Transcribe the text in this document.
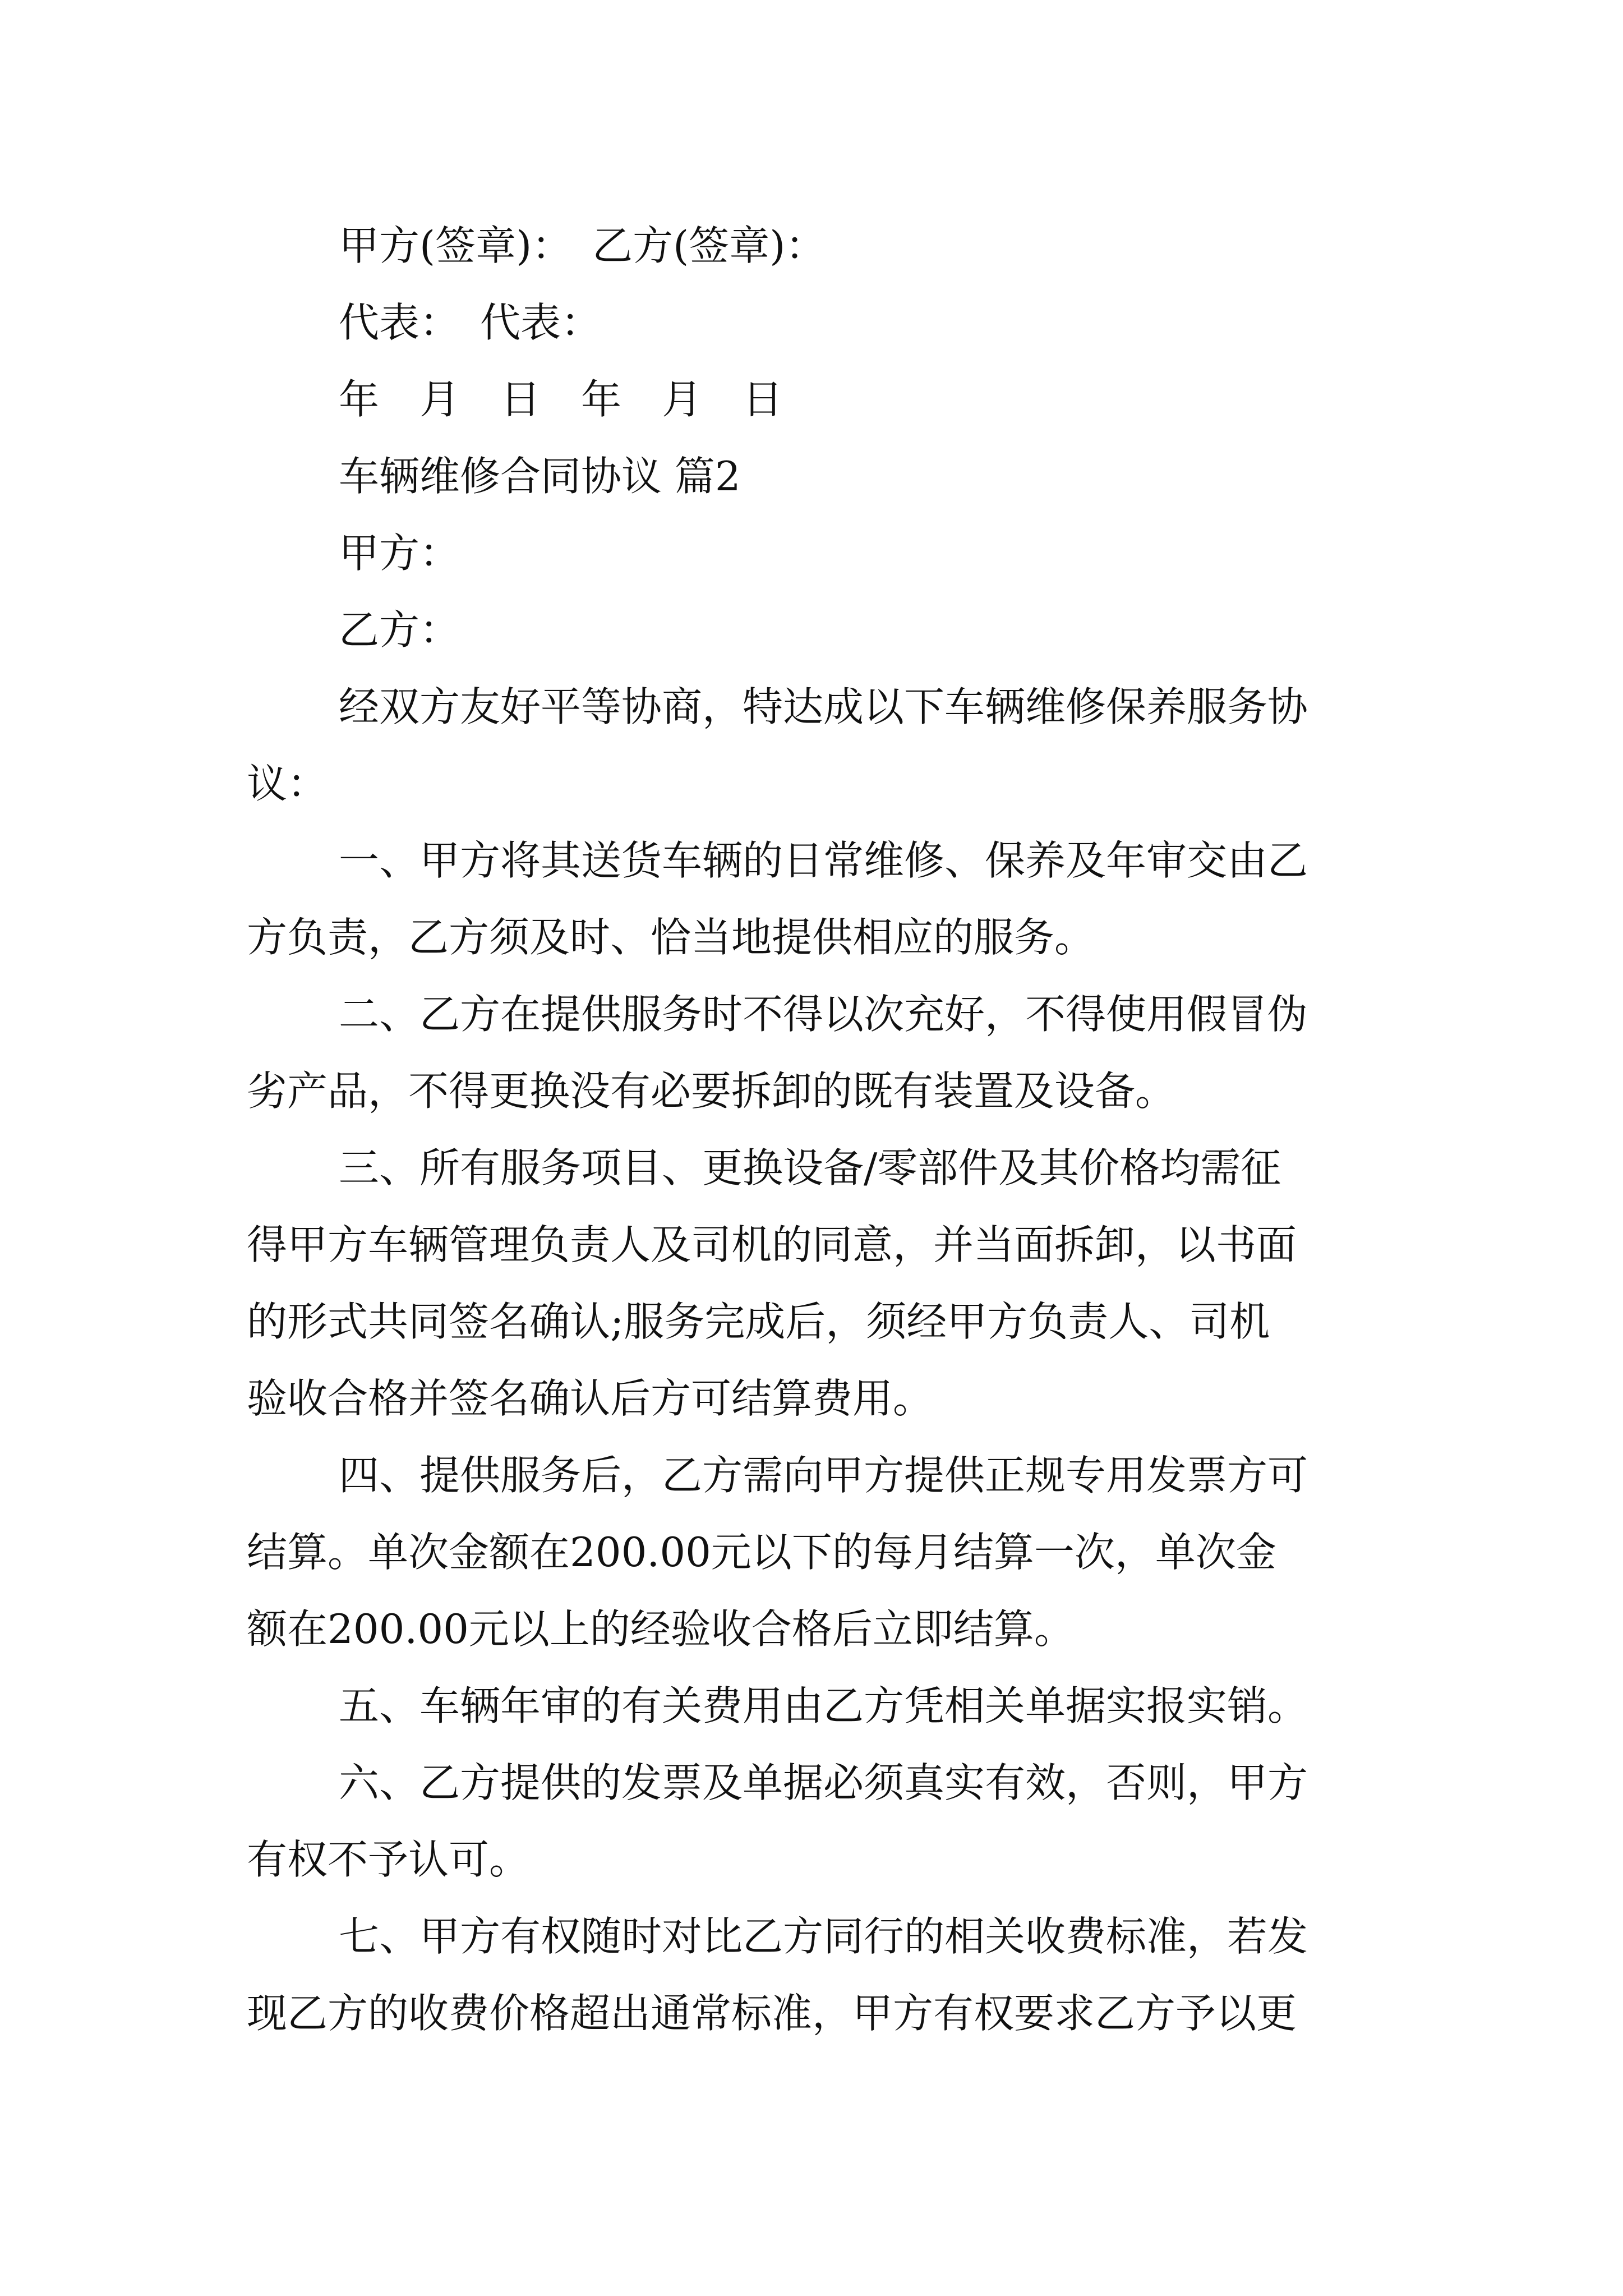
甲方(签章)：　乙方(签章)：
代表：　代表：
年　月　日　年　月　日
车辆维修合同协议 篇2
甲方：
乙方：
经双方友好平等协商，特达成以下车辆维修保养服务协
议：
一、甲方将其送货车辆的日常维修、保养及年审交由乙
方负责，乙方须及时、恰当地提供相应的服务。
二、乙方在提供服务时不得以次充好，不得使用假冒伪
劣产品，不得更换没有必要拆卸的既有装置及设备。
三、所有服务项目、更换设备/零部件及其价格均需征
得甲方车辆管理负责人及司机的同意，并当面拆卸，以书面
的形式共同签名确认;服务完成后，须经甲方负责人、司机
验收合格并签名确认后方可结算费用。
四、提供服务后，乙方需向甲方提供正规专用发票方可
结算。单次金额在200.00元以下的每月结算一次，单次金
额在200.00元以上的经验收合格后立即结算。
五、车辆年审的有关费用由乙方凭相关单据实报实销。
六、乙方提供的发票及单据必须真实有效，否则，甲方
有权不予认可。
七、甲方有权随时对比乙方同行的相关收费标准，若发
现乙方的收费价格超出通常标准，甲方有权要求乙方予以更
